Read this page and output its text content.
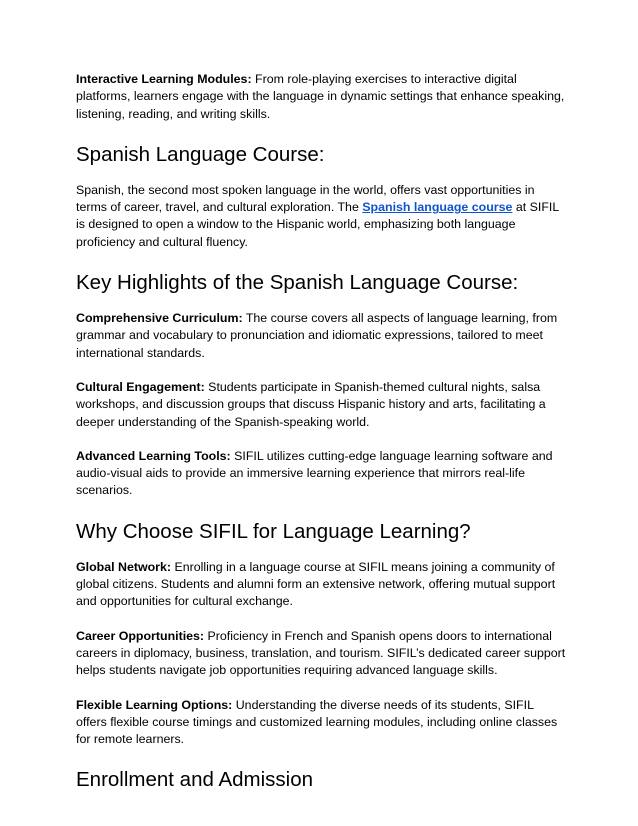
Interactive Learning Modules: From role-playing exercises to interactive digital platforms, learners engage with the language in dynamic settings that enhance speaking, listening, reading, and writing skills.

Spanish Language Course:

Spanish, the second most spoken language in the world, offers vast opportunities in terms of career, travel, and cultural exploration. The Spanish language course at SIFIL is designed to open a window to the Hispanic world, emphasizing both language proficiency and cultural fluency.

Key Highlights of the Spanish Language Course:

Comprehensive Curriculum: The course covers all aspects of language learning, from grammar and vocabulary to pronunciation and idiomatic expressions, tailored to meet international standards.

Cultural Engagement: Students participate in Spanish-themed cultural nights, salsa workshops, and discussion groups that discuss Hispanic history and arts, facilitating a deeper understanding of the Spanish-speaking world.

Advanced Learning Tools: SIFIL utilizes cutting-edge language learning software and audio-visual aids to provide an immersive learning experience that mirrors real-life scenarios.

Why Choose SIFIL for Language Learning?

Global Network: Enrolling in a language course at SIFIL means joining a community of global citizens. Students and alumni form an extensive network, offering mutual support and opportunities for cultural exchange.

Career Opportunities: Proficiency in French and Spanish opens doors to international careers in diplomacy, business, translation, and tourism. SIFIL’s dedicated career support helps students navigate job opportunities requiring advanced language skills.

Flexible Learning Options: Understanding the diverse needs of its students, SIFIL offers flexible course timings and customized learning modules, including online classes for remote learners.

Enrollment and Admission
